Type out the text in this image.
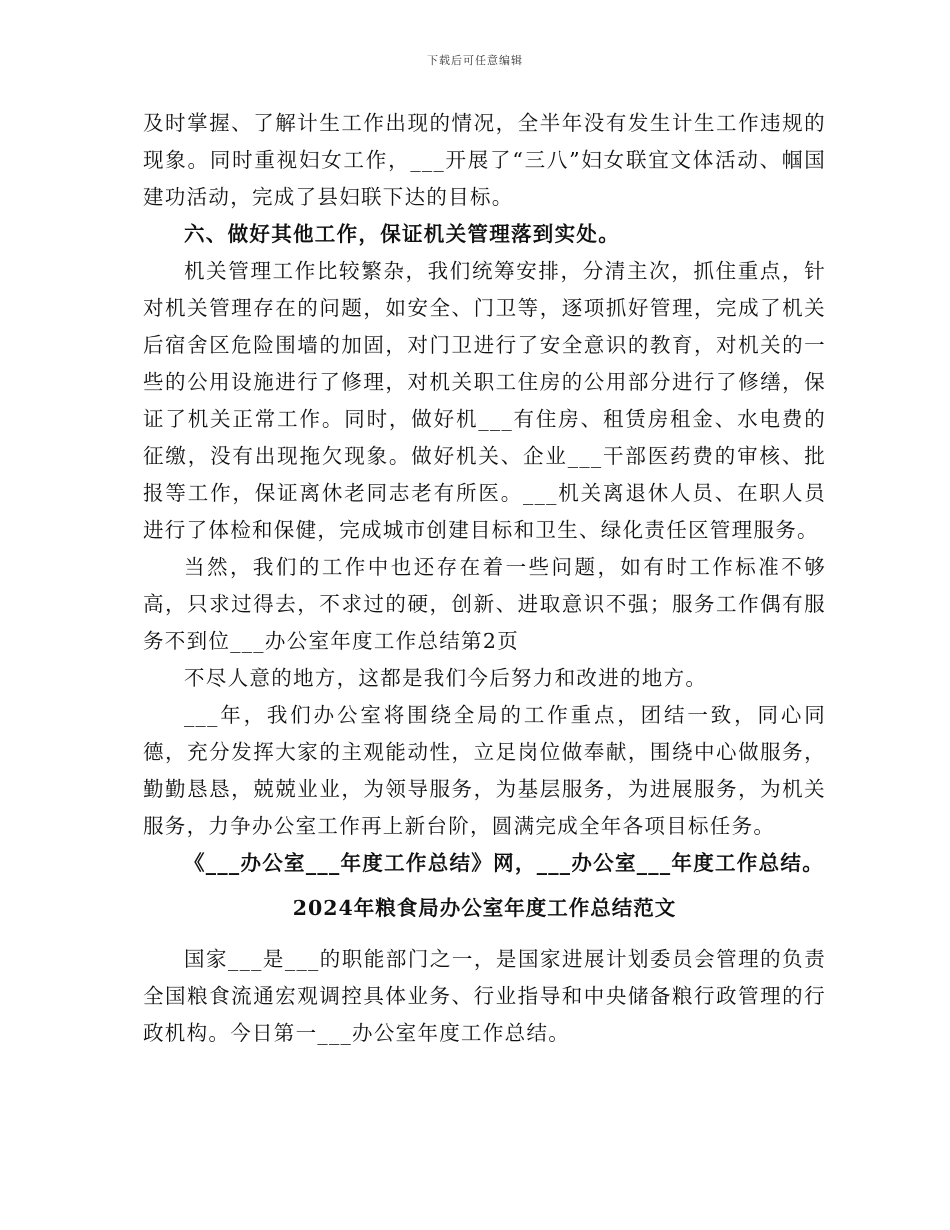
下载后可任意编辑

及时掌握、了解计生工作出现的情况，全半年没有发生计生工作违规的现象。同时重视妇女工作，___开展了“三八”妇女联宜文体活动、帼国建功活动，完成了县妇联下达的目标。

六、做好其他工作，保证机关管理落到实处。

机关管理工作比较繁杂，我们统筹安排，分清主次，抓住重点，针对机关管理存在的问题，如安全、门卫等，逐项抓好管理，完成了机关后宿舍区危险围墙的加固，对门卫进行了安全意识的教育，对机关的一些的公用设施进行了修理，对机关职工住房的公用部分进行了修缮，保证了机关正常工作。同时，做好机___有住房、租赁房租金、水电费的征缴，没有出现拖欠现象。做好机关、企业___干部医药费的审核、批报等工作，保证离休老同志老有所医。___机关离退休人员、在职人员进行了体检和保健，完成城市创建目标和卫生、绿化责任区管理服务。

当然，我们的工作中也还存在着一些问题，如有时工作标准不够高，只求过得去，不求过的硬，创新、进取意识不强；服务工作偶有服务不到位___办公室年度工作总结第2页

不尽人意的地方，这都是我们今后努力和改进的地方。

___年，我们办公室将围绕全局的工作重点，团结一致，同心同德，充分发挥大家的主观能动性，立足岗位做奉献，围绕中心做服务，勤勤恳恳，兢兢业业，为领导服务，为基层服务，为进展服务，为机关服务，力争办公室工作再上新台阶，圆满完成全年各项目标任务。

《___办公室___年度工作总结》网，___办公室___年度工作总结。

2024年粮食局办公室年度工作总结范文

国家___是___的职能部门之一，是国家进展计划委员会管理的负责全国粮食流通宏观调控具体业务、行业指导和中央储备粮行政管理的行政机构。今日第一___办公室年度工作总结。
